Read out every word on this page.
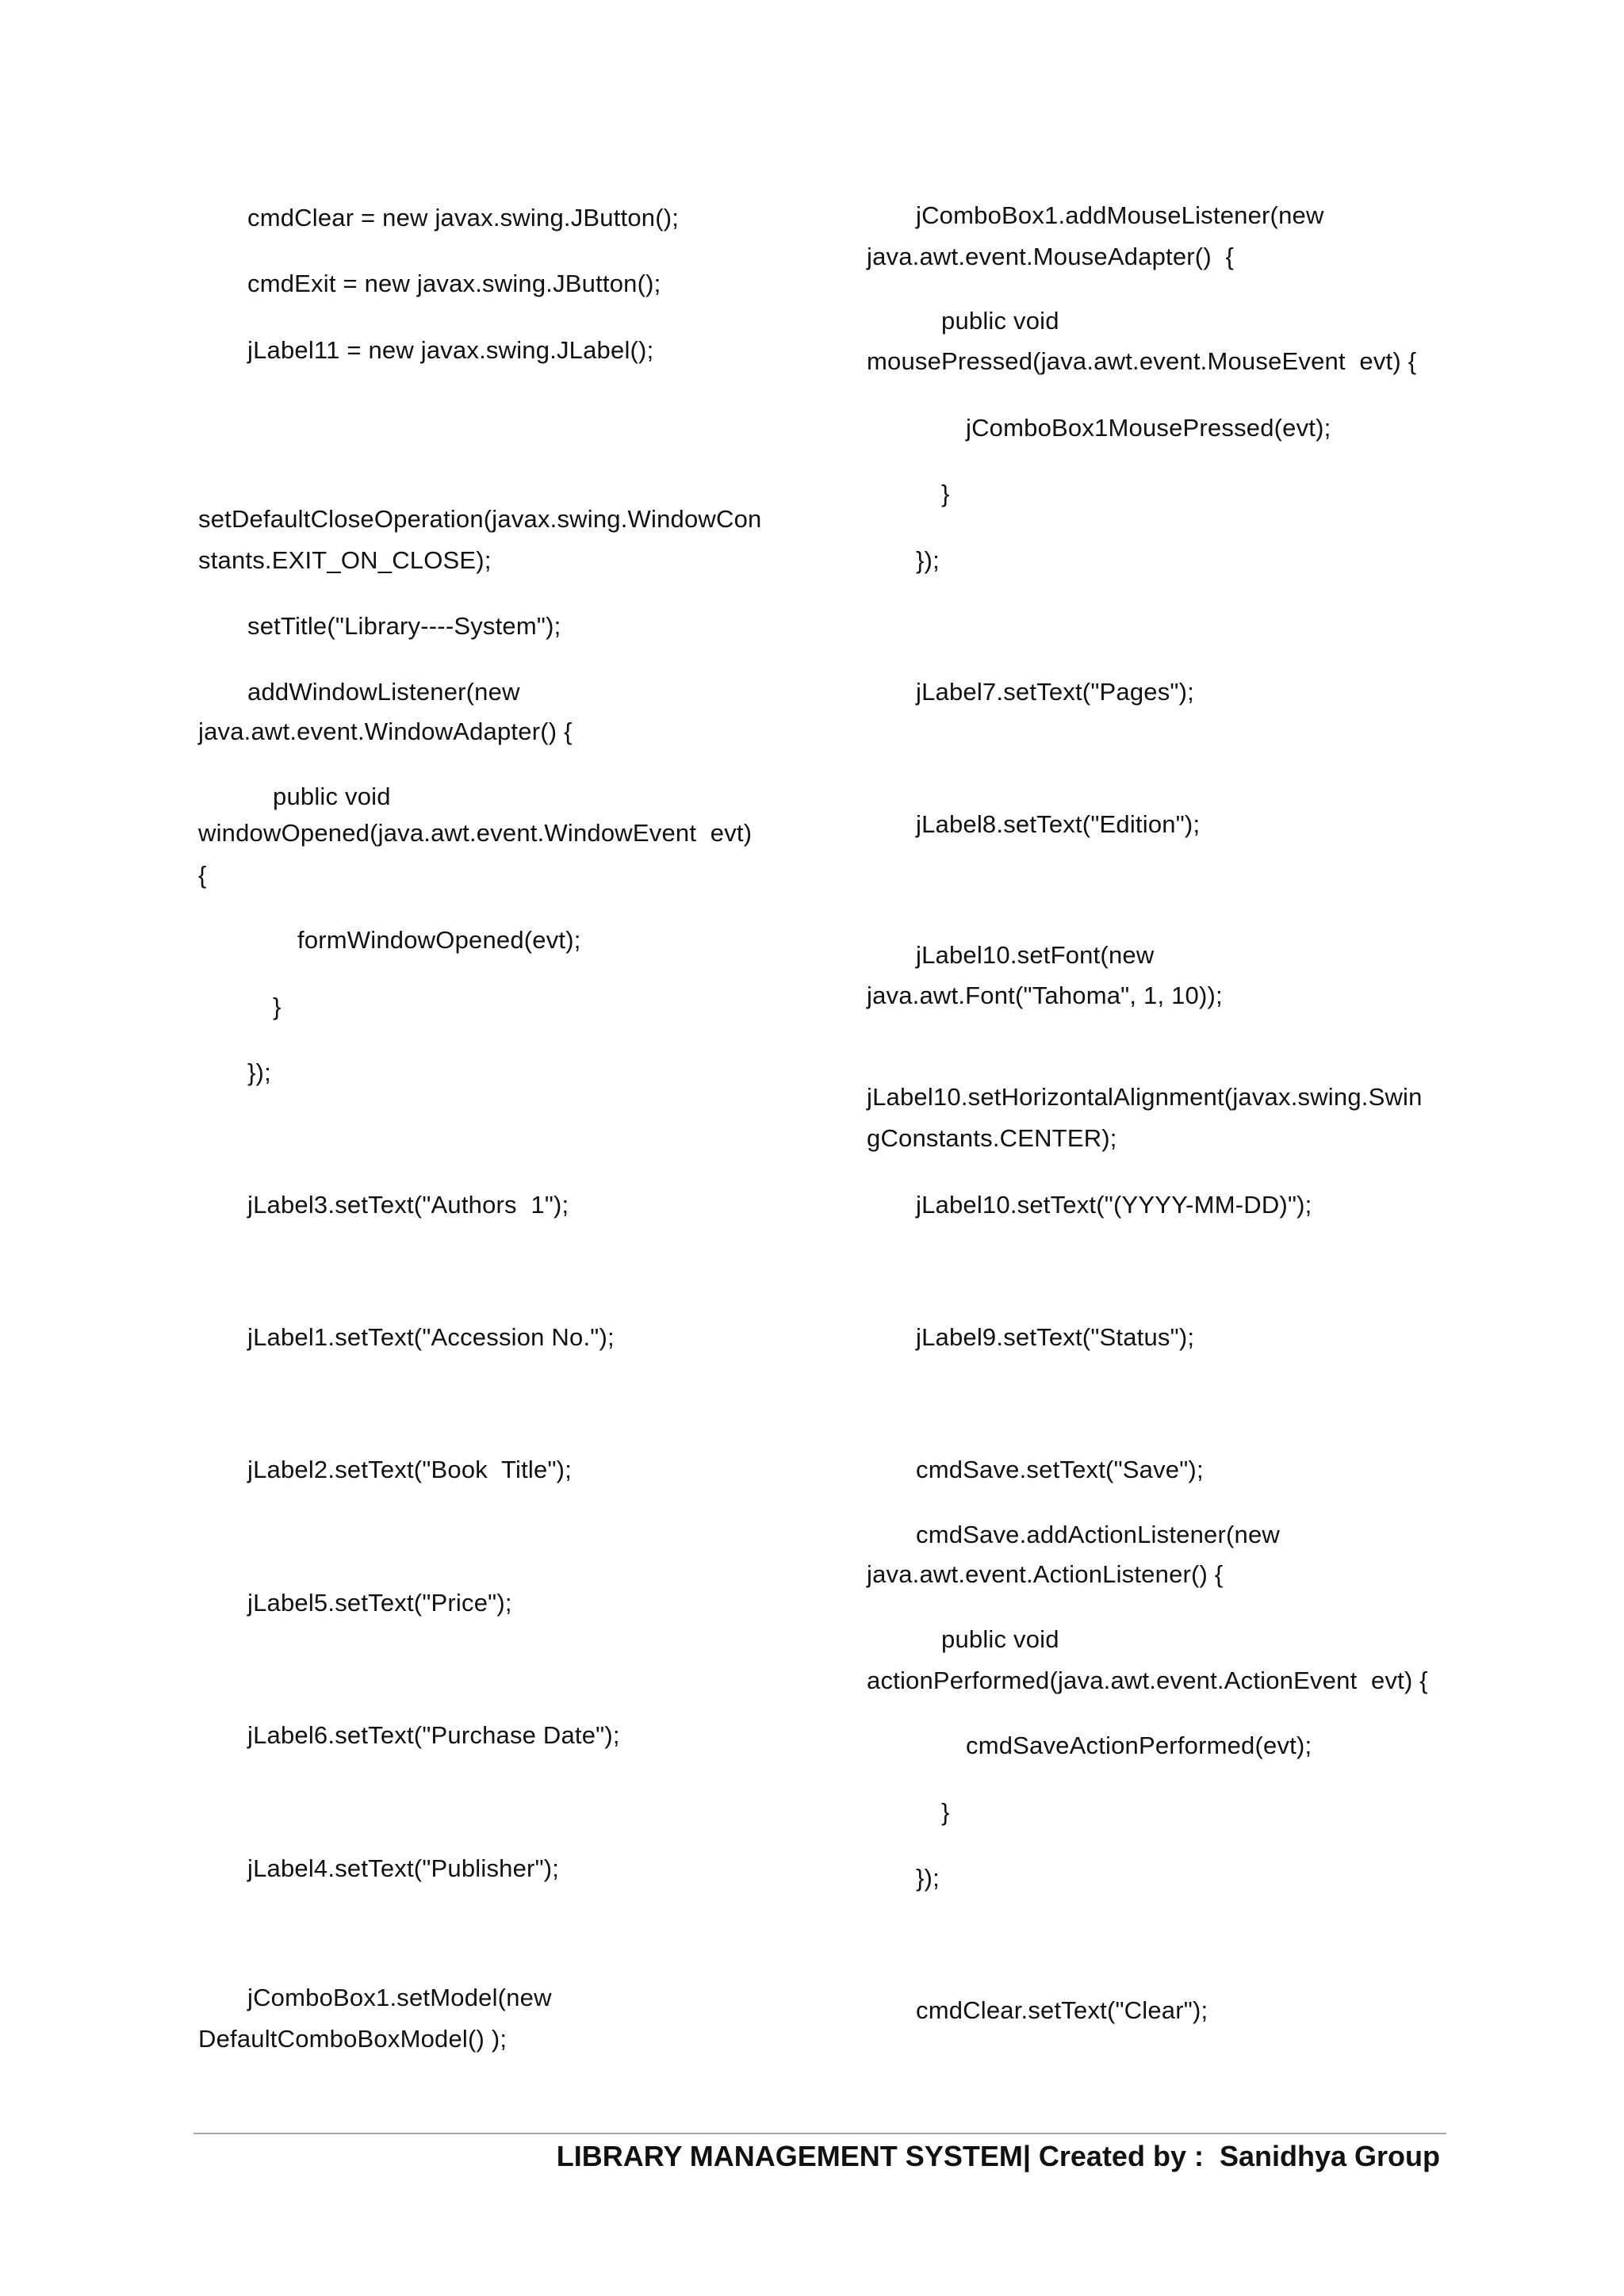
cmdClear = new javax.swing.JButton();
cmdExit = new javax.swing.JButton();
jLabel11 = new javax.swing.JLabel();
setDefaultCloseOperation(javax.swing.WindowCon
stants.EXIT_ON_CLOSE);
setTitle("Library----System");
addWindowListener(new
java.awt.event.WindowAdapter() {
public void
windowOpened(java.awt.event.WindowEvent  evt)
{
formWindowOpened(evt);
}
});
jLabel3.setText("Authors  1");
jLabel1.setText("Accession No.");
jLabel2.setText("Book  Title");
jLabel5.setText("Price");
jLabel6.setText("Purchase Date");
jLabel4.setText("Publisher");
jComboBox1.setModel(new
DefaultComboBoxModel() );
jComboBox1.addMouseListener(new
java.awt.event.MouseAdapter()  {
public void
mousePressed(java.awt.event.MouseEvent  evt) {
jComboBox1MousePressed(evt);
}
});
jLabel7.setText("Pages");
jLabel8.setText("Edition");
jLabel10.setFont(new
java.awt.Font("Tahoma", 1, 10));
jLabel10.setHorizontalAlignment(javax.swing.Swin
gConstants.CENTER);
jLabel10.setText("(YYYY-MM-DD)");
jLabel9.setText("Status");
cmdSave.setText("Save");
cmdSave.addActionListener(new
java.awt.event.ActionListener() {
public void
actionPerformed(java.awt.event.ActionEvent  evt) {
cmdSaveActionPerformed(evt);
}
});
cmdClear.setText("Clear");
LIBRARY MANAGEMENT SYSTEM| Created by :  Sanidhya Group
